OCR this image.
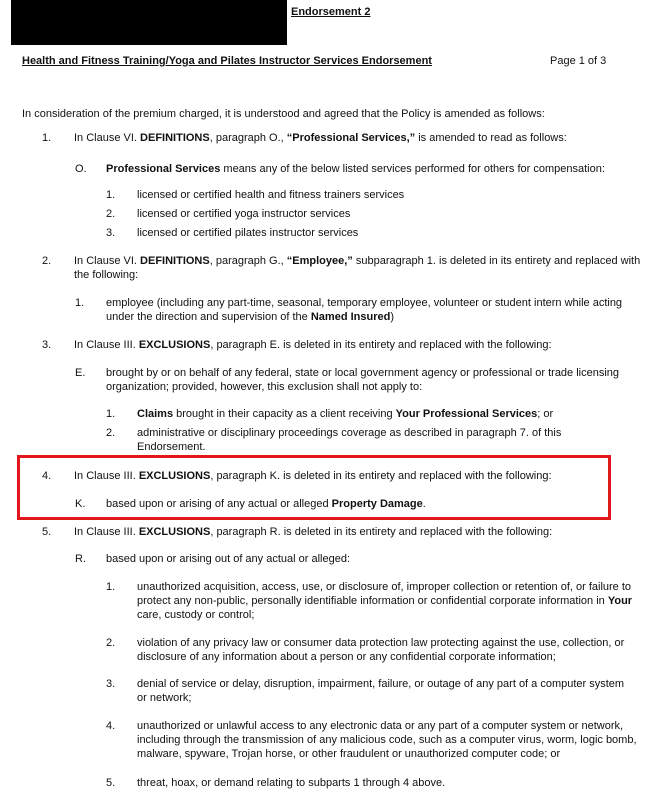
Endorsement 2
Health and Fitness Training/Yoga and Pilates Instructor Services Endorsement	Page 1 of 3
In consideration of the premium charged, it is understood and agreed that the Policy is amended as follows:
1. In Clause VI. DEFINITIONS, paragraph O., “Professional Services,” is amended to read as follows:
O. Professional Services means any of the below listed services performed for others for compensation:
1. licensed or certified health and fitness trainers services
2. licensed or certified yoga instructor services
3. licensed or certified pilates instructor services
2. In Clause VI. DEFINITIONS, paragraph G., “Employee,” subparagraph 1. is deleted in its entirety and replaced with the following:
1. employee (including any part-time, seasonal, temporary employee, volunteer or student intern while acting under the direction and supervision of the Named Insured)
3. In Clause III. EXCLUSIONS, paragraph E. is deleted in its entirety and replaced with the following:
E. brought by or on behalf of any federal, state or local government agency or professional or trade licensing organization; provided, however, this exclusion shall not apply to:
1. Claims brought in their capacity as a client receiving Your Professional Services; or
2. administrative or disciplinary proceedings coverage as described in paragraph 7. of this Endorsement.
4. In Clause III. EXCLUSIONS, paragraph K. is deleted in its entirety and replaced with the following:
K. based upon or arising of any actual or alleged Property Damage.
5. In Clause III. EXCLUSIONS, paragraph R. is deleted in its entirety and replaced with the following:
R. based upon or arising out of any actual or alleged:
1. unauthorized acquisition, access, use, or disclosure of, improper collection or retention of, or failure to protect any non-public, personally identifiable information or confidential corporate information in Your care, custody or control;
2. violation of any privacy law or consumer data protection law protecting against the use, collection, or disclosure of any information about a person or any confidential corporate information;
3. denial of service or delay, disruption, impairment, failure, or outage of any part of a computer system or network;
4. unauthorized or unlawful access to any electronic data or any part of a computer system or network, including through the transmission of any malicious code, such as a computer virus, worm, logic bomb, malware, spyware, Trojan horse, or other fraudulent or unauthorized computer code; or
5. threat, hoax, or demand relating to subparts 1 through 4 above.
